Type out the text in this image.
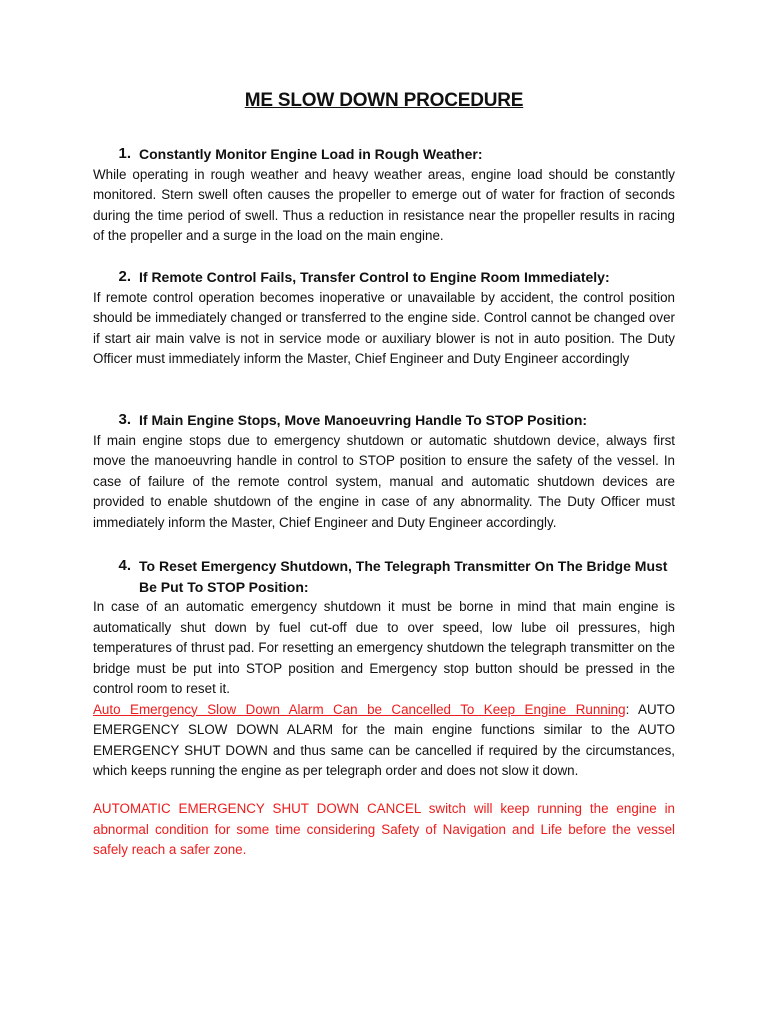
ME SLOW DOWN PROCEDURE
1. Constantly Monitor Engine Load in Rough Weather:

While operating in rough weather and heavy weather areas, engine load should be constantly monitored. Stern swell often causes the propeller to emerge out of water for fraction of seconds during the time period of swell. Thus a reduction in resistance near the propeller results in racing of the propeller and a surge in the load on the main engine.

2. If Remote Control Fails, Transfer Control to Engine Room Immediately:

If remote control operation becomes inoperative or unavailable by accident, the control position should be immediately changed or transferred to the engine side. Control cannot be changed over if start air main valve is not in service mode or auxiliary blower is not in auto position. The Duty Officer must immediately inform the Master, Chief Engineer and Duty Engineer accordingly

3. If Main Engine Stops, Move Manoeuvring Handle To STOP Position:

If main engine stops due to emergency shutdown or automatic shutdown device, always first move the manoeuvring handle in control to STOP position to ensure the safety of the vessel. In case of failure of the remote control system, manual and automatic shutdown devices are provided to enable shutdown of the engine in case of any abnormality. The Duty Officer must immediately inform the Master, Chief Engineer and Duty Engineer accordingly.

4. To Reset Emergency Shutdown, The Telegraph Transmitter On The Bridge Must Be Put To STOP Position:

In case of an automatic emergency shutdown it must be borne in mind that main engine is automatically shut down by fuel cut-off due to over speed, low lube oil pressures, high temperatures of thrust pad. For resetting an emergency shutdown the telegraph transmitter on the bridge must be put into STOP position and Emergency stop button should be pressed in the control room to reset it.

Auto Emergency Slow Down Alarm Can be Cancelled To Keep Engine Running: AUTO EMERGENCY SLOW DOWN ALARM for the main engine functions similar to the AUTO EMERGENCY SHUT DOWN and thus same can be cancelled if required by the circumstances, which keeps running the engine as per telegraph order and does not slow it down.

AUTOMATIC EMERGENCY SHUT DOWN CANCEL switch will keep running the engine in abnormal condition for some time considering Safety of Navigation and Life before the vessel safely reach a safer zone.
